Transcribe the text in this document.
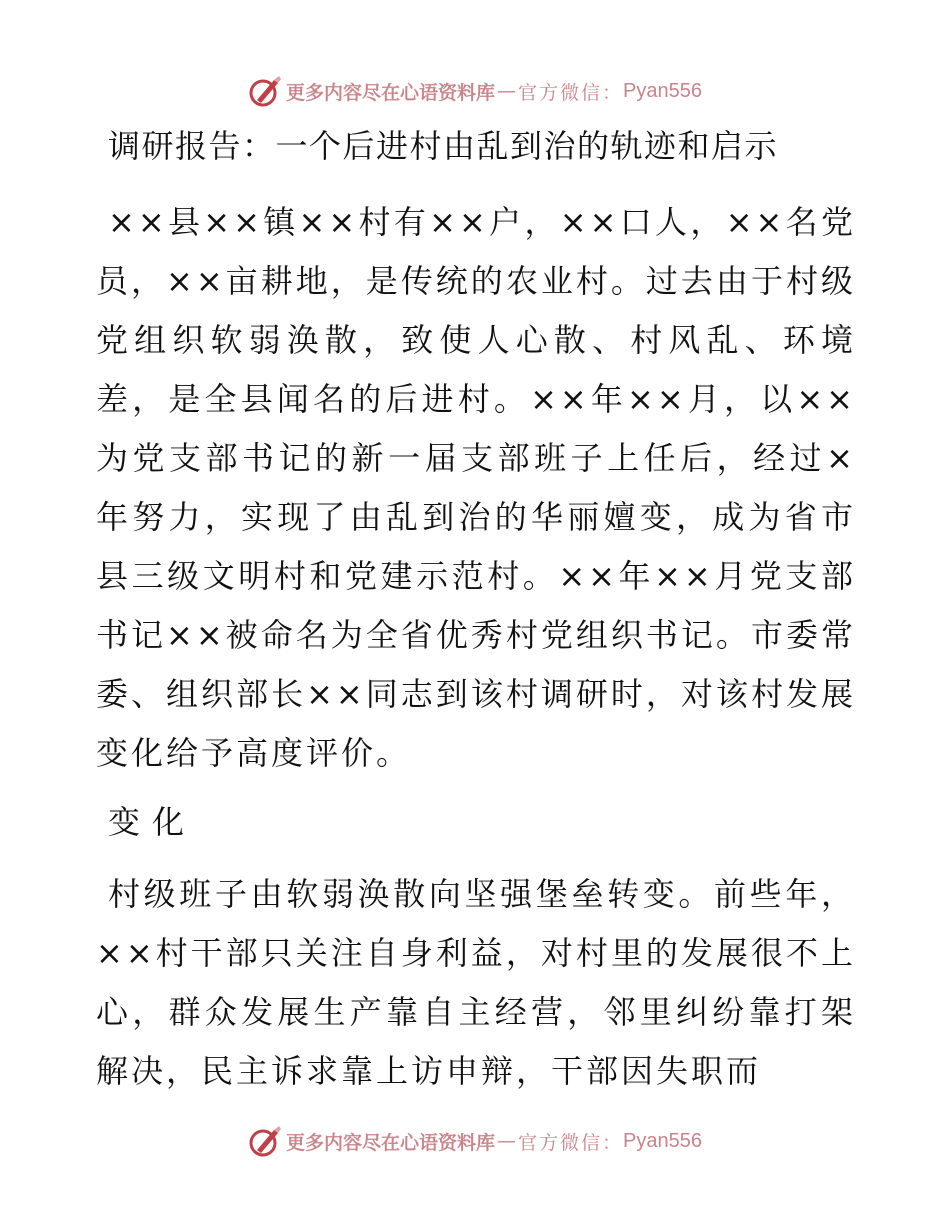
更多内容尽在心语资料库 — 官方微信： Pyan556
调研报告：一个后进村由乱到治的轨迹和启示

××县××镇××村有××户，××口人，××名党员，××亩耕地，是传统的农业村。过去由于村级党组织软弱涣散，致使人心散、村风乱、环境差，是全县闻名的后进村。××年××月，以××为党支部书记的新一届支部班子上任后，经过×年努力，实现了由乱到治的华丽嬗变，成为省市县三级文明村和党建示范村。××年××月党支部书记××被命名为全省优秀村党组织书记。市委常委、组织部长××同志到该村调研时，对该村发展变化给予高度评价。

变化

村级班子由软弱涣散向坚强堡垒转变。前些年，××村干部只关注自身利益，对村里的发展很不上心，群众发展生产靠自主经营，邻里纠纷靠打架解决，民主诉求靠上访申辩，干部因失职而

更多内容尽在心语资料库 — 官方微信： Pyan556
